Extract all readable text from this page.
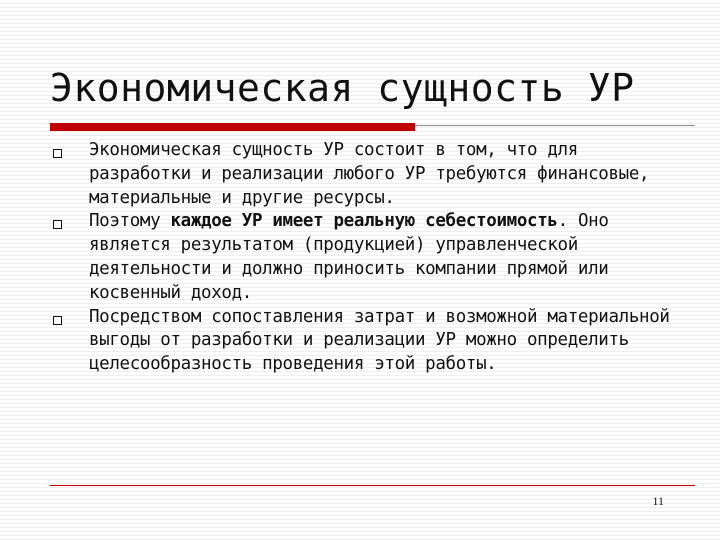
Экономическая сущность УР
Экономическая сущность УР состоит в том, что для разработки и реализации любого УР требуются финансовые, материальные и другие ресурсы.
Поэтому каждое УР имеет реальную себестоимость. Оно является результатом (продукцией) управленческой деятельности и должно приносить компании прямой или косвенный доход.
Посредством сопоставления затрат и возможной материальной выгоды от разработки и реализации УР можно определить целесообразность проведения этой работы.
11
